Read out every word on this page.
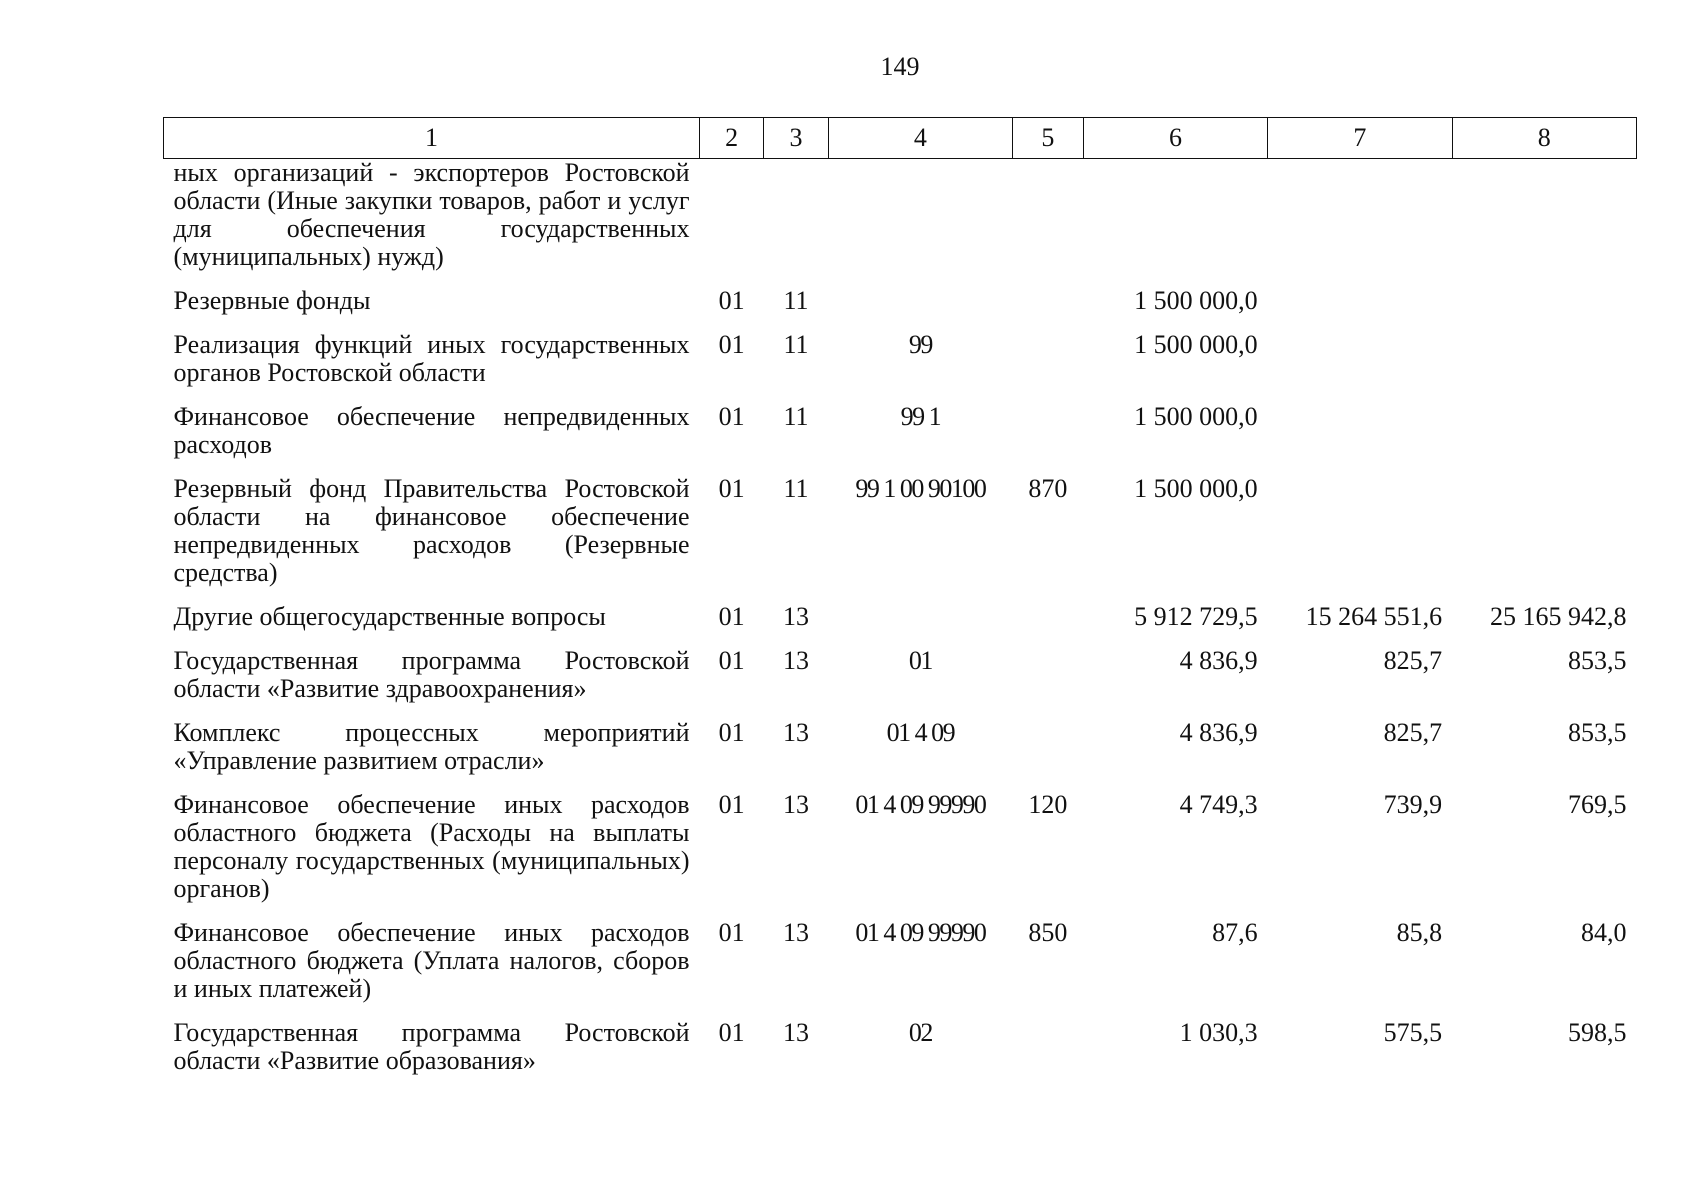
149
1	2	3	4	5	6	7	8
ных организаций - экспортеров Ростовской области (Иные закупки товаров, работ и услуг для обеспечения государственных (муниципальных) нужд)							
Резервные фонды	01	11			1 500 000,0		
Реализация функций иных государственных органов Ростовской области	01	11	99		1 500 000,0		
Финансовое обеспечение непредвиденных расходов	01	11	99 1		1 500 000,0		
Резервный фонд Правительства Ростовской области на финансовое обеспечение непредвиденных расходов (Резервные средства)	01	11	99 1 00 90100	870	1 500 000,0		
Другие общегосударственные вопросы	01	13			5 912 729,5	15 264 551,6	25 165 942,8
Государственная программа Ростовской области «Развитие здравоохранения»	01	13	01		4 836,9	825,7	853,5
Комплекс процессных мероприятий «Управление развитием отрасли»	01	13	01 4 09		4 836,9	825,7	853,5
Финансовое обеспечение иных расходов областного бюджета (Расходы на выплаты персоналу государственных (муниципальных) органов)	01	13	01 4 09 99990	120	4 749,3	739,9	769,5
Финансовое обеспечение иных расходов областного бюджета (Уплата налогов, сборов и иных платежей)	01	13	01 4 09 99990	850	87,6	85,8	84,0
Государственная программа Ростовской области «Развитие образования»	01	13	02		1 030,3	575,5	598,5
